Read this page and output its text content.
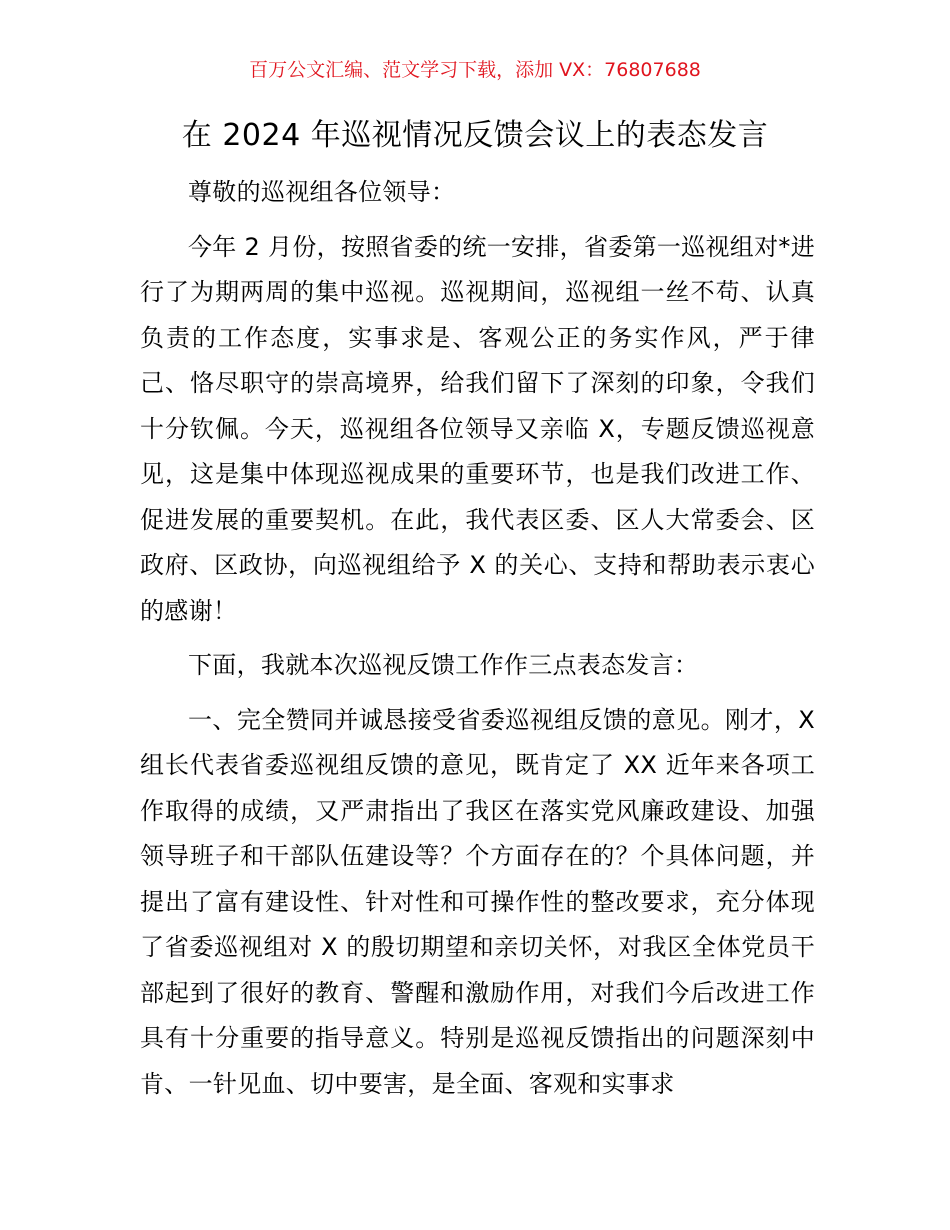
百万公文汇编、范文学习下载，添加 VX：76807688
在 2024 年巡视情况反馈会议上的表态发言

尊敬的巡视组各位领导：

今年 2 月份，按照省委的统一安排，省委第一巡视组对*进行了为期两周的集中巡视。巡视期间，巡视组一丝不苟、认真负责的工作态度，实事求是、客观公正的务实作风，严于律己、恪尽职守的崇高境界，给我们留下了深刻的印象，令我们十分钦佩。今天，巡视组各位领导又亲临 X，专题反馈巡视意见，这是集中体现巡视成果的重要环节，也是我们改进工作、促进发展的重要契机。在此，我代表区委、区人大常委会、区政府、区政协，向巡视组给予 X 的关心、支持和帮助表示衷心的感谢！

下面，我就本次巡视反馈工作作三点表态发言：

一、完全赞同并诚恳接受省委巡视组反馈的意见。刚才，X 组长代表省委巡视组反馈的意见，既肯定了 XX 近年来各项工作取得的成绩，又严肃指出了我区在落实党风廉政建设、加强领导班子和干部队伍建设等？个方面存在的？个具体问题，并提出了富有建设性、针对性和可操作性的整改要求，充分体现了省委巡视组对 X 的殷切期望和亲切关怀，对我区全体党员干部起到了很好的教育、警醒和激励作用，对我们今后改进工作具有十分重要的指导意义。特别是巡视反馈指出的问题深刻中肯、一针见血、切中要害，是全面、客观和实事求
